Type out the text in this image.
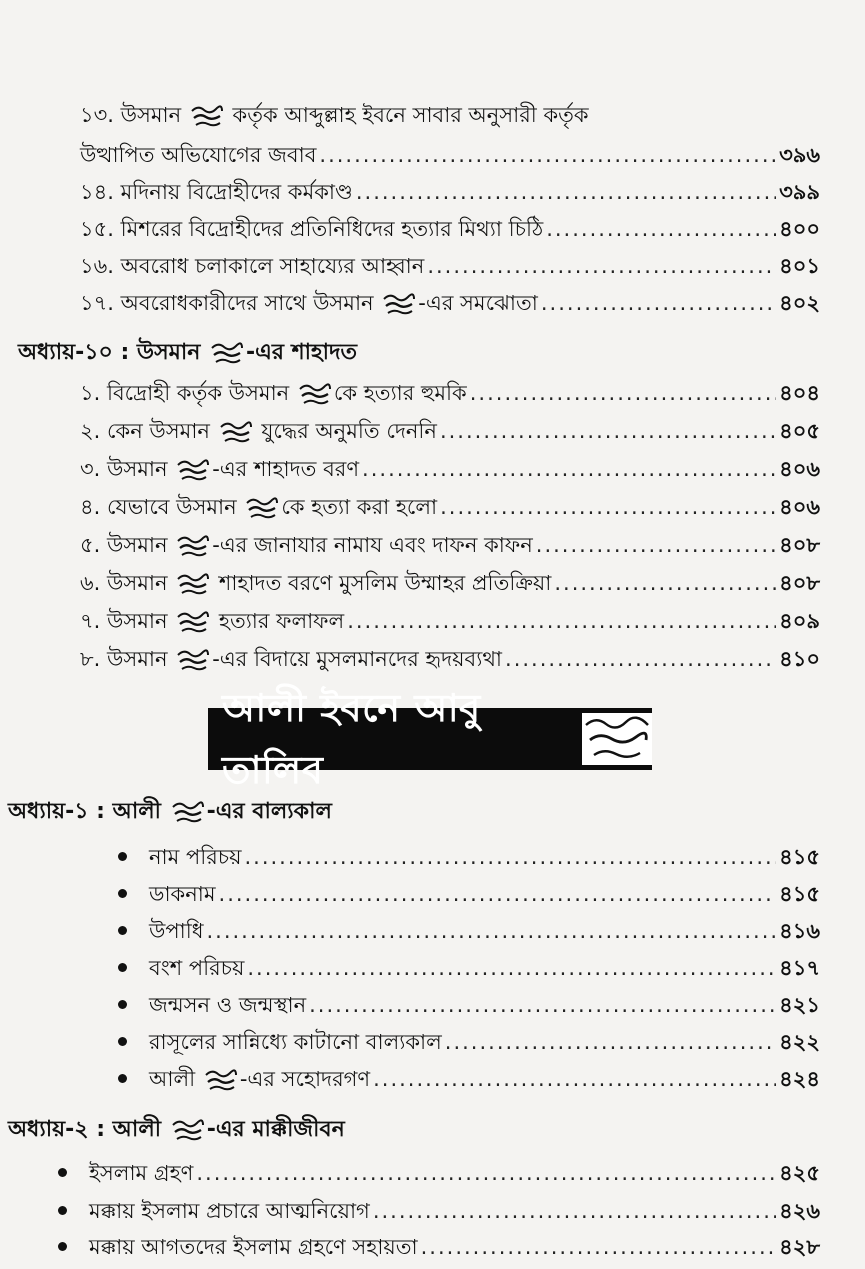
১৩. উসমান কর্তৃক আব্দুল্লাহ ইবনে সাবার অনুসারী কর্তৃক
উত্থাপিত অভিযোগের জবাব .....	৩৯৬
১৪. মদিনায় বিদ্রোহীদের কর্মকাণ্ড .....	৩৯৯
১৫. মিশরের বিদ্রোহীদের প্রতিনিধিদের হত্যার মিথ্যা চিঠি .....	৪০০
১৬. অবরোধ চলাকালে সাহায্যের আহ্বান .....	৪০১
১৭. অবরোধকারীদের সাথে উসমান -এর সমঝোতা .....	৪০২
অধ্যায়-১০ : উসমান -এর শাহাদত
১. বিদ্রোহী কর্তৃক উসমান কে হত্যার হুমকি .....	৪০৪
২. কেন উসমান যুদ্ধের অনুমতি দেননি .....	৪০৫
৩. উসমান -এর শাহাদত বরণ .....	৪০৬
৪. যেভাবে উসমান কে হত্যা করা হলো .....	৪০৬
৫. উসমান -এর জানাযার নামায এবং দাফন কাফন .....	৪০৮
৬. উসমান শাহাদত বরণে মুসলিম উম্মাহর প্রতিক্রিয়া .....	৪০৮
৭. উসমান হত্যার ফলাফল .....	৪০৯
৮. উসমান -এর বিদায়ে মুসলমানদের হৃদয়ব্যথা .....	৪১০
আলী ইবনে আবু তালিব
অধ্যায়-১ : আলী -এর বাল্যকাল
নাম পরিচয় .....	৪১৫
ডাকনাম .....	৪১৫
উপাধি .....	৪১৬
বংশ পরিচয় .....	৪১৭
জন্মসন ও জন্মস্থান .....	৪২১
রাসূলের সান্নিধ্যে কাটানো বাল্যকাল .....	৪২২
আলী -এর সহোদরগণ .....	৪২৪
অধ্যায়-২ : আলী -এর মাক্কীজীবন
ইসলাম গ্রহণ .....	৪২৫
মক্কায় ইসলাম প্রচারে আত্মনিয়োগ .....	৪২৬
মক্কায় আগতদের ইসলাম গ্রহণে সহায়তা .....	৪২৮
